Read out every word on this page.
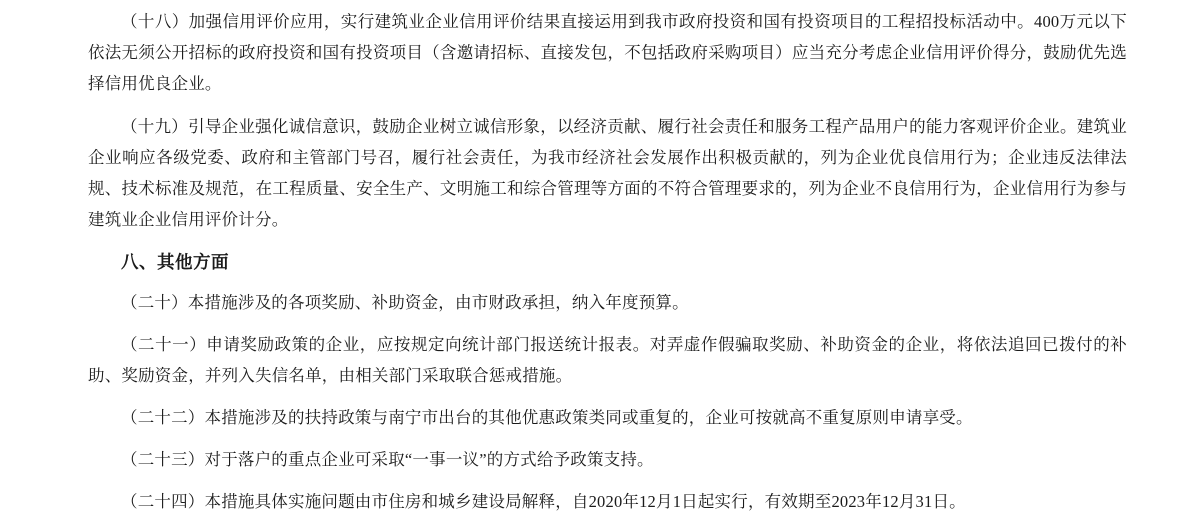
（十八）加强信用评价应用，实行建筑业企业信用评价结果直接运用到我市政府投资和国有投资项目的工程招投标活动中。400万元以下依法无须公开招标的政府投资和国有投资项目（含邀请招标、直接发包，不包括政府采购项目）应当充分考虑企业信用评价得分，鼓励优先选择信用优良企业。

（十九）引导企业强化诚信意识，鼓励企业树立诚信形象，以经济贡献、履行社会责任和服务工程产品用户的能力客观评价企业。建筑业企业响应各级党委、政府和主管部门号召，履行社会责任，为我市经济社会发展作出积极贡献的，列为企业优良信用行为；企业违反法律法规、技术标准及规范，在工程质量、安全生产、文明施工和综合管理等方面的不符合管理要求的，列为企业不良信用行为，企业信用行为参与建筑业企业信用评价计分。

八、其他方面

（二十）本措施涉及的各项奖励、补助资金，由市财政承担，纳入年度预算。

（二十一）申请奖励政策的企业，应按规定向统计部门报送统计报表。对弄虚作假骗取奖励、补助资金的企业，将依法追回已拨付的补助、奖励资金，并列入失信名单，由相关部门采取联合惩戒措施。

（二十二）本措施涉及的扶持政策与南宁市出台的其他优惠政策类同或重复的，企业可按就高不重复原则申请享受。

（二十三）对于落户的重点企业可采取“一事一议”的方式给予政策支持。

（二十四）本措施具体实施问题由市住房和城乡建设局解释，自2020年12月1日起实行，有效期至2023年12月31日。
